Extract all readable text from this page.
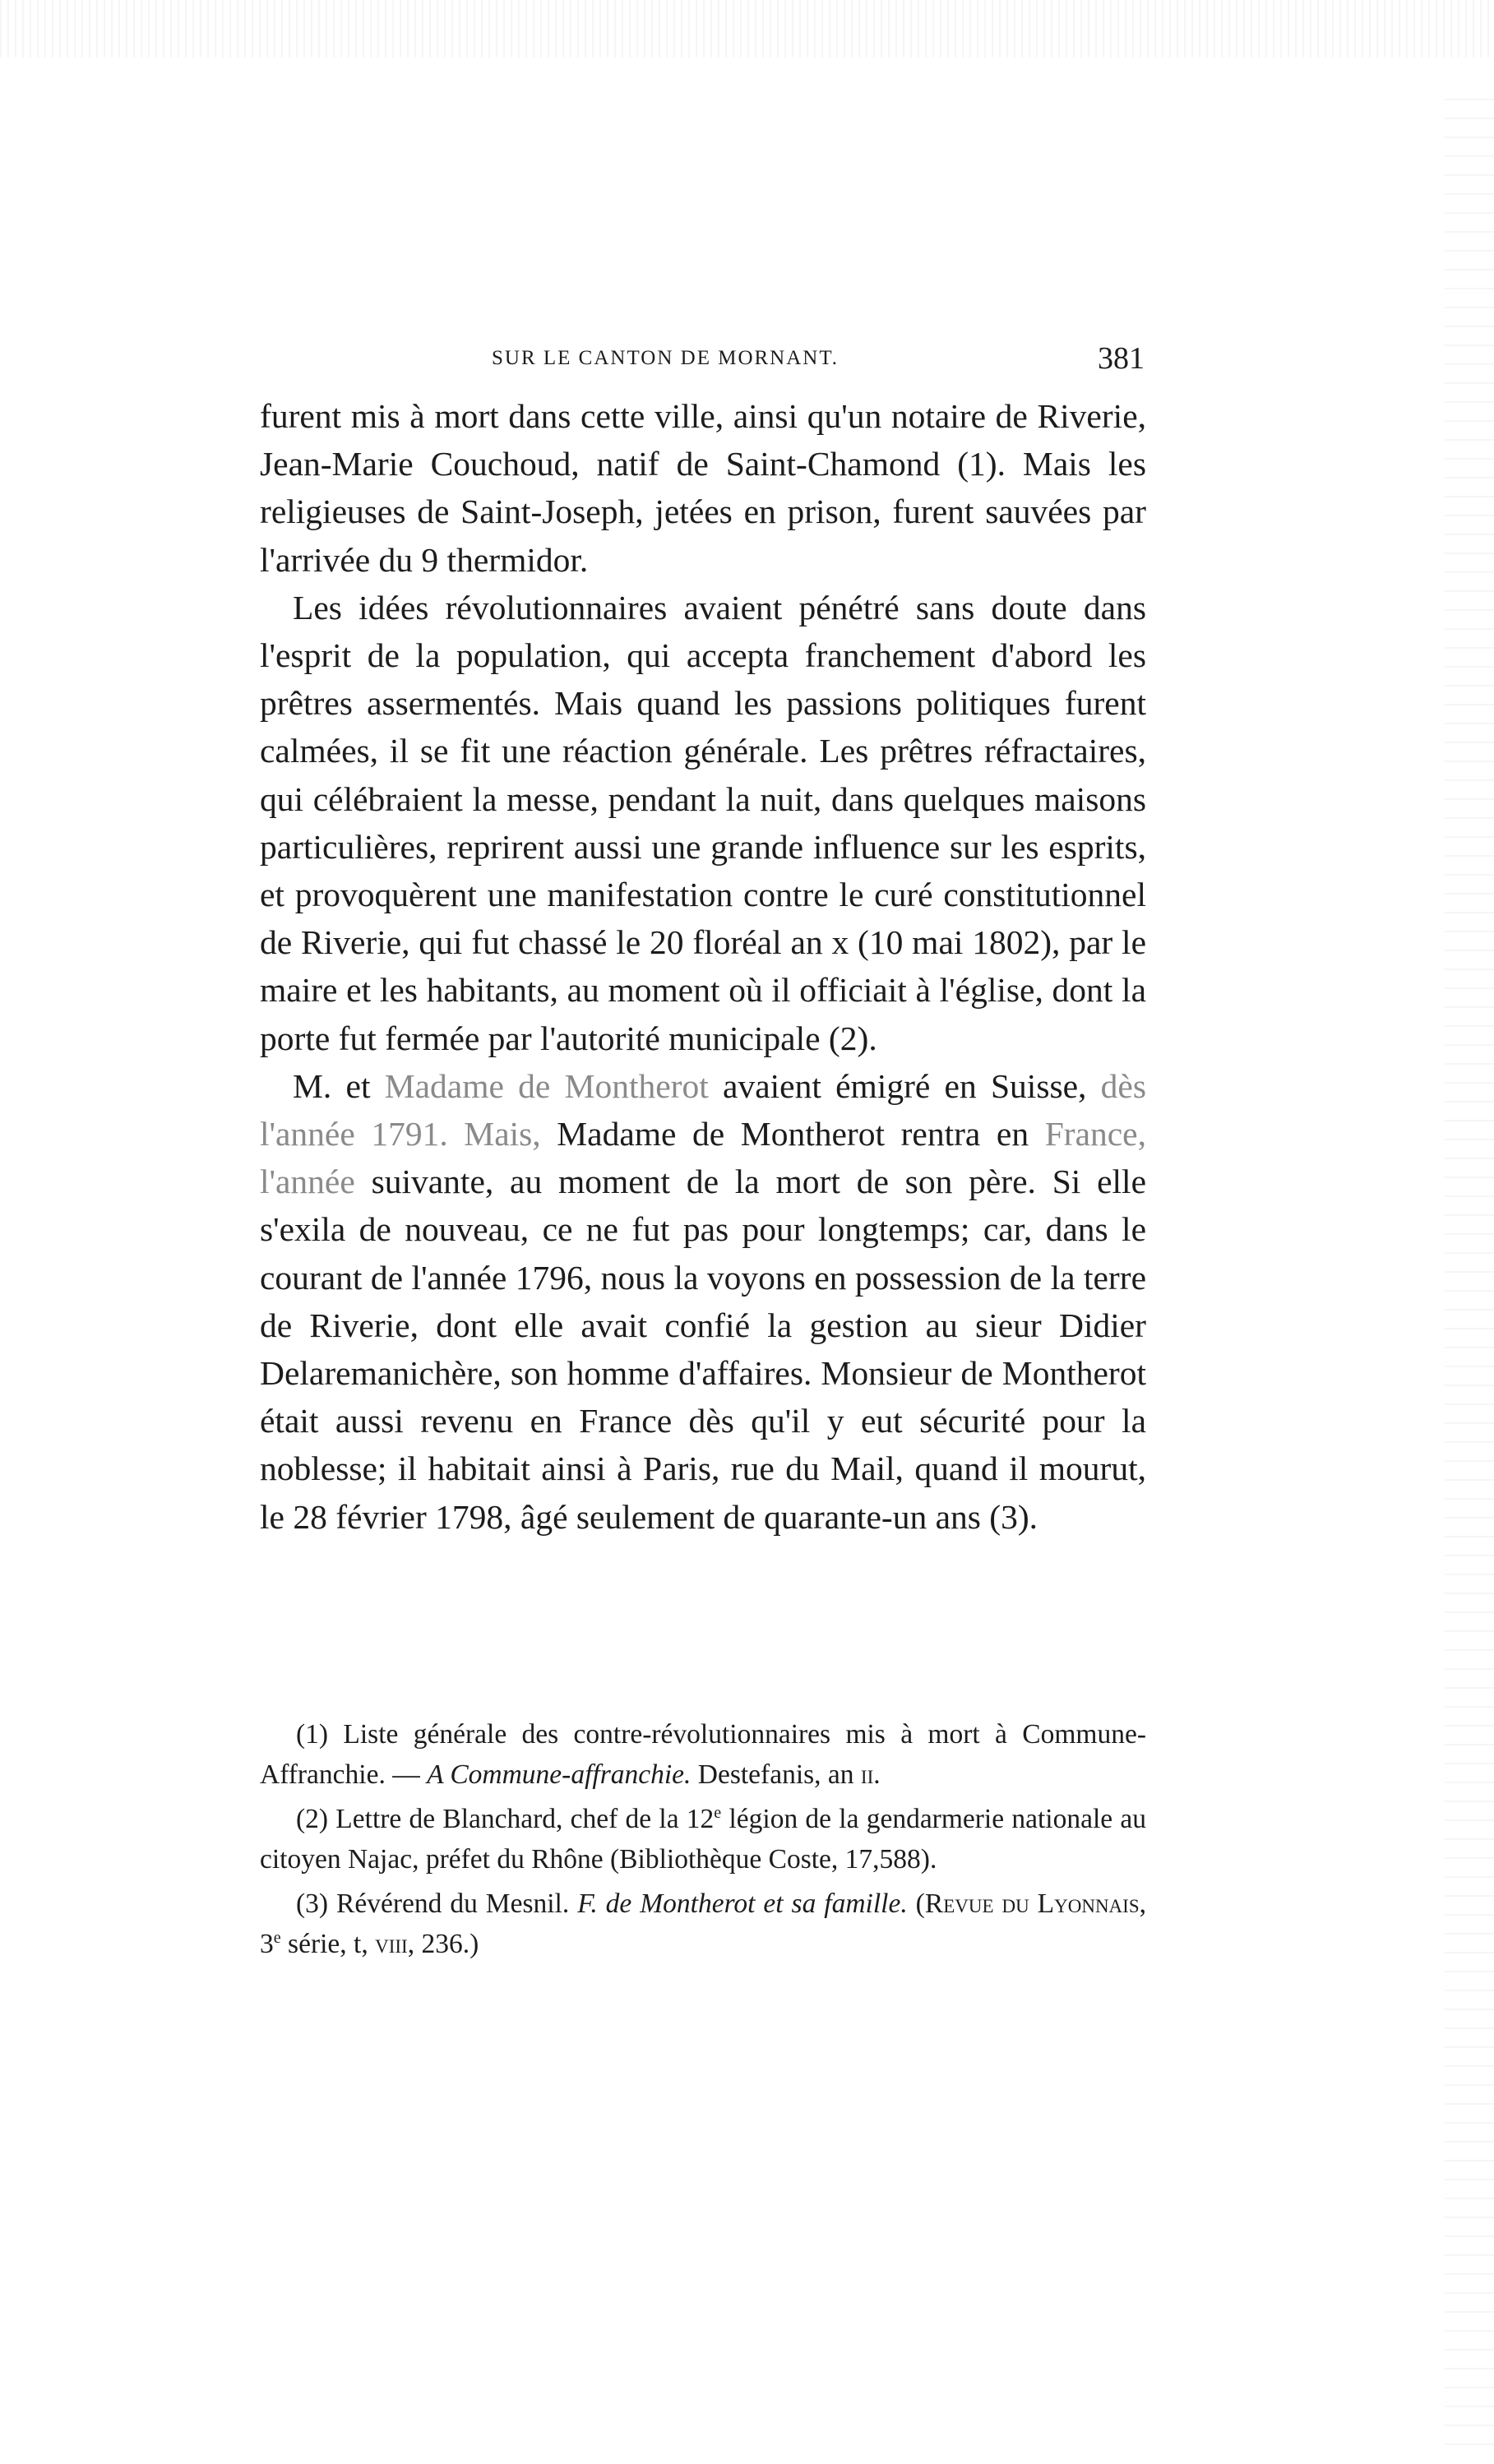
SUR LE CANTON DE MORNANT.	381

furent mis à mort dans cette ville, ainsi qu'un notaire de Riverie, Jean-Marie Couchoud, natif de Saint-Chamond (1). Mais les religieuses de Saint-Joseph, jetées en prison, furent sauvées par l'arrivée du 9 thermidor.

Les idées révolutionnaires avaient pénétré sans doute dans l'esprit de la population, qui accepta franchement d'abord les prêtres assermentés. Mais quand les passions politiques furent calmées, il se fit une réaction générale. Les prêtres réfractaires, qui célébraient la messe, pendant la nuit, dans quelques maisons particulières, reprirent aussi une grande influence sur les esprits, et provoquèrent une manifestation contre le curé constitutionnel de Riverie, qui fut chassé le 20 floréal an x (10 mai 1802), par le maire et les habitants, au moment où il officiait à l'église, dont la porte fut fermée par l'autorité municipale (2).

M. et Madame de Montherot avaient émigré en Suisse, dès l'année 1791. Mais, Madame de Montherot rentra en France, l'année suivante, au moment de la mort de son père. Si elle s'exila de nouveau, ce ne fut pas pour longtemps; car, dans le courant de l'année 1796, nous la voyons en possession de la terre de Riverie, dont elle avait confié la gestion au sieur Didier Delaremanichère, son homme d'affaires. Monsieur de Montherot était aussi revenu en France dès qu'il y eut sécurité pour la noblesse; il habitait ainsi à Paris, rue du Mail, quand il mourut, le 28 février 1798, âgé seulement de quarante-un ans (3).

(1) Liste générale des contre-révolutionnaires mis à mort à Commune-Affranchie. — A Commune-affranchie. Destefanis, an ii.

(2) Lettre de Blanchard, chef de la 12e légion de la gendarmerie nationale au citoyen Najac, préfet du Rhône (Bibliothèque Coste, 17,588).

(3) Révérend du Mesnil. F. de Montherot et sa famille. (Revue du Lyonnais, 3e série, t, viii, 236.)
